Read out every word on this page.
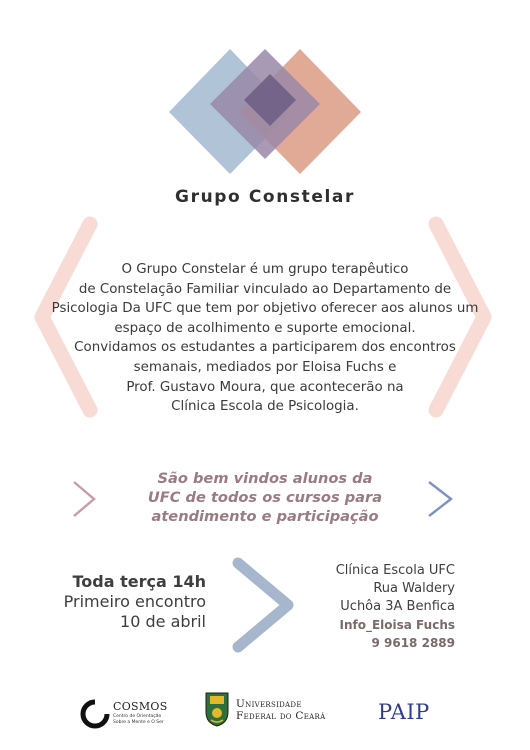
Grupo Constelar
O Grupo Constelar é um grupo terapêutico
de Constelação Familiar vinculado ao Departamento de
Psicologia Da UFC que tem por objetivo oferecer aos alunos um
espaço de acolhimento e suporte emocional.
Convidamos os estudantes a participarem dos encontros
semanais, mediados por Eloisa Fuchs e
Prof. Gustavo Moura, que acontecerão na
Clínica Escola de Psicologia.
São bem vindos alunos da
UFC de todos os cursos para
atendimento e participação
Toda terça 14h
Primeiro encontro
10 de abril
Clínica Escola UFC
Rua Waldery
Uchôa 3A Benfica
Info_Eloisa Fuchs
9 9618 2889
COSMOS
Centro de Orientação
Sobre a Mente e O Ser
Universidade
Federal do Ceará	PAIP
